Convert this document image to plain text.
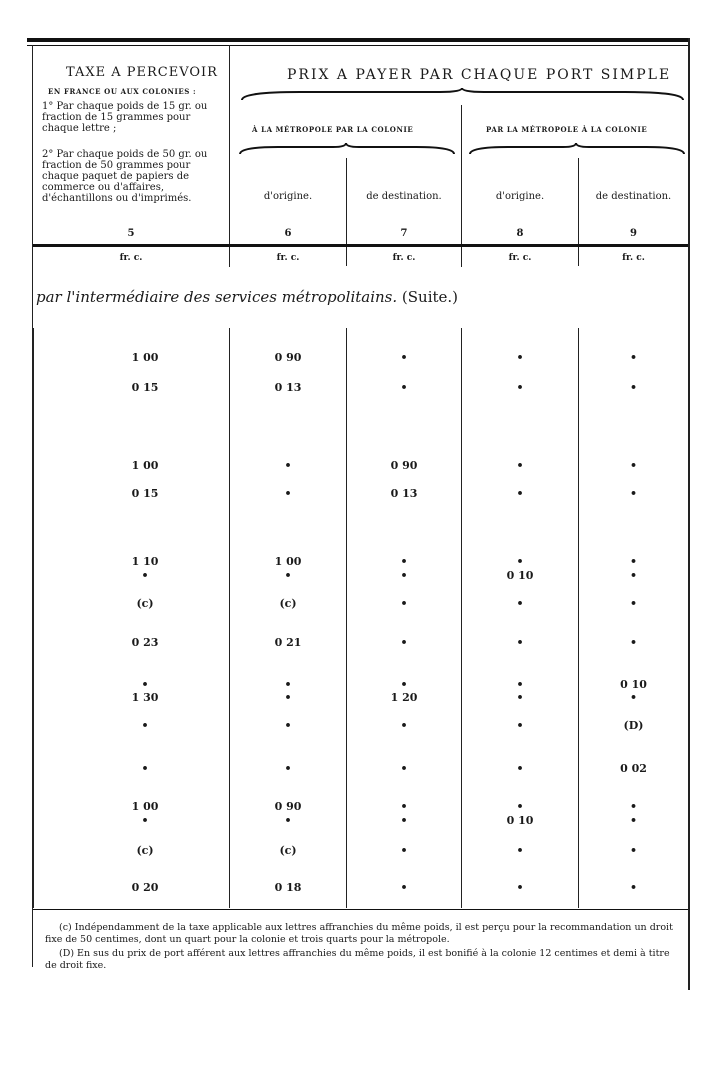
TAXE A PERCEVOIR
EN FRANCE OU AUX COLONIES :
1° Par chaque poids de 15 gr. ou fraction de 15 grammes pour chaque lettre ;
2° Par chaque poids de 50 gr. ou fraction de 50 grammes pour chaque paquet de papiers de commerce ou d'affaires, d'échantillons ou d'imprimés.
PRIX A PAYER PAR CHAQUE PORT SIMPLE
À LA MÉTROPOLE PAR LA COLONIE	PAR LA MÉTROPOLE À LA COLONIE
d'origine.	de destination.	d'origine.	de destination.
5	6	7	8	9
fr. c.	fr. c.	fr. c.	fr. c.	fr. c.
par l'intermédiaire des services métropolitains. (Suite.)
1 00	0 90	•	•	•
0 15	0 13	•	•	•
1 00	•	0 90	•	•
0 15	•	0 13	•	•
1 10	1 00	•	•	•
•	•	•	0 10	•
(c)	(c)	•	•	•
0 23	0 21	•	•	•
•	•	•	•	0 10
1 30	•	1 20	•	•
•	•	•	•	(D)
•	•	•	•	0 02
1 00	0 90	•	•	•
•	•	•	0 10	•
(c)	(c)	•	•	•
0 20	0 18	•	•	•
(c) Indépendamment de la taxe applicable aux lettres affranchies du même poids, il est perçu pour la recommandation un droit fixe de 50 centimes, dont un quart pour la colonie et trois quarts pour la métropole.
(D) En sus du prix de port afférent aux lettres affranchies du même poids, il est bonifié à la colonie 12 centimes et demi à titre de droit fixe.
